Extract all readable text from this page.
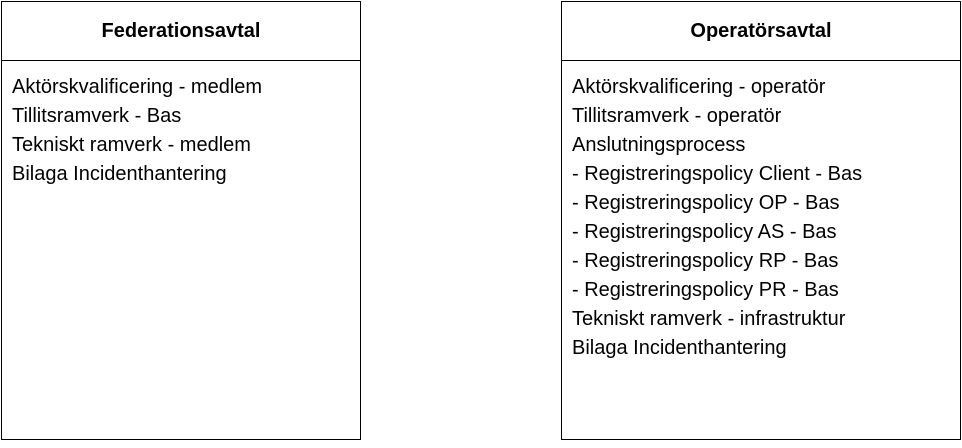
Federationsavtal
Aktörskvalificering - medlem
Tillitsramverk - Bas
Tekniskt ramverk - medlem
Bilaga Incidenthantering
Operatörsavtal
Aktörskvalificering - operatör
Tillitsramverk - operatör
Anslutningsprocess
- Registreringspolicy Client - Bas
- Registreringspolicy OP - Bas
- Registreringspolicy AS - Bas
- Registreringspolicy RP - Bas
- Registreringspolicy PR - Bas
Tekniskt ramverk - infrastruktur
Bilaga Incidenthantering
